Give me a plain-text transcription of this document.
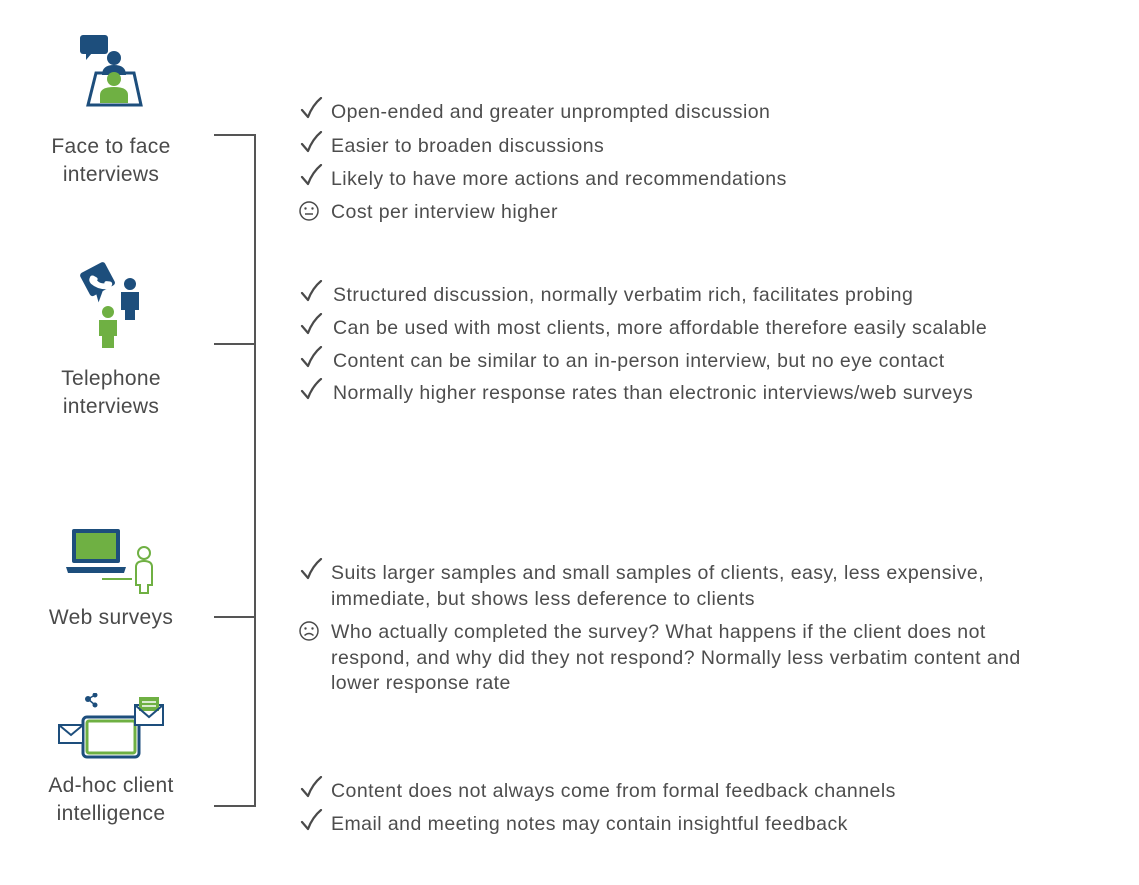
Face to face
interviews
Telephone
interviews
Web surveys
Ad-hoc client
intelligence
Open-ended and greater unprompted discussion
Easier to broaden discussions
Likely to have more actions and recommendations
Cost per interview higher
Structured discussion, normally verbatim rich, facilitates probing
Can be used with most clients, more affordable therefore easily scalable
Content can be similar to an in-person interview, but no eye contact
Normally higher response rates than electronic interviews/web surveys
Suits larger samples and small samples of clients, easy, less expensive,
immediate, but shows less deference to clients
Who actually completed the survey? What happens if the client does not
respond, and why did they not respond? Normally less verbatim content and
lower response rate
Content does not always come from formal feedback channels
Email and meeting notes may contain insightful feedback
